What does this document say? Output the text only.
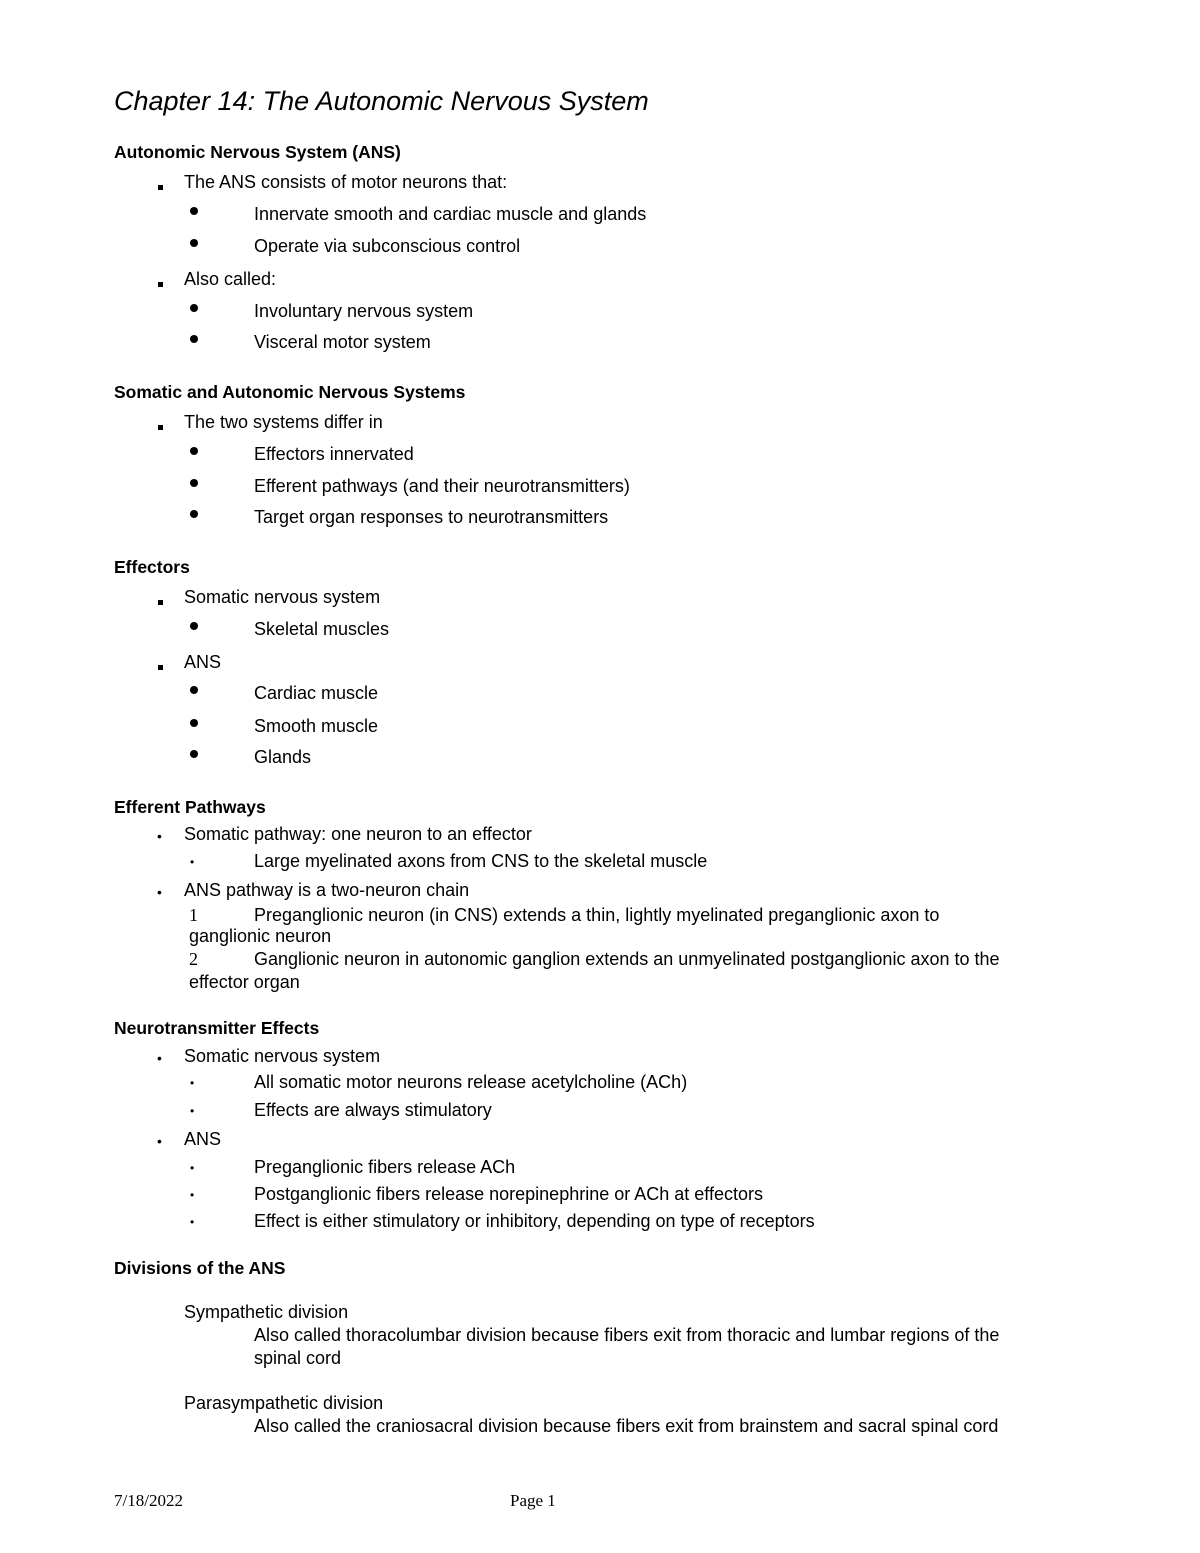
Chapter 14: The Autonomic Nervous System
Autonomic Nervous System (ANS)
The ANS consists of motor neurons that:
Innervate smooth and cardiac muscle and glands
Operate via subconscious control
Also called:
Involuntary nervous system
Visceral motor system
Somatic and Autonomic Nervous Systems
The two systems differ in
Effectors innervated
Efferent pathways (and their neurotransmitters)
Target organ responses to neurotransmitters
Effectors
Somatic nervous system
Skeletal muscles
ANS
Cardiac muscle
Smooth muscle
Glands
Efferent Pathways
• Somatic pathway: one neuron to an effector
•	Large myelinated axons from CNS to the skeletal muscle
• ANS pathway is a two-neuron chain
1	Preganglionic neuron (in CNS) extends a thin, lightly myelinated preganglionic axon to
ganglionic neuron
2	Ganglionic neuron in autonomic ganglion extends an unmyelinated postganglionic axon to the
effector organ
Neurotransmitter Effects
• Somatic nervous system
•	All somatic motor neurons release acetylcholine (ACh)
•	Effects are always stimulatory
• ANS
•	Preganglionic fibers release ACh
•	Postganglionic fibers release norepinephrine or ACh at effectors
•	Effect is either stimulatory or inhibitory, depending on type of receptors
Divisions of the ANS
Sympathetic division
Also called thoracolumbar division because fibers exit from thoracic and lumbar regions of the
spinal cord
Parasympathetic division
Also called the craniosacral division because fibers exit from brainstem and sacral spinal cord
7/18/2022	Page 1
